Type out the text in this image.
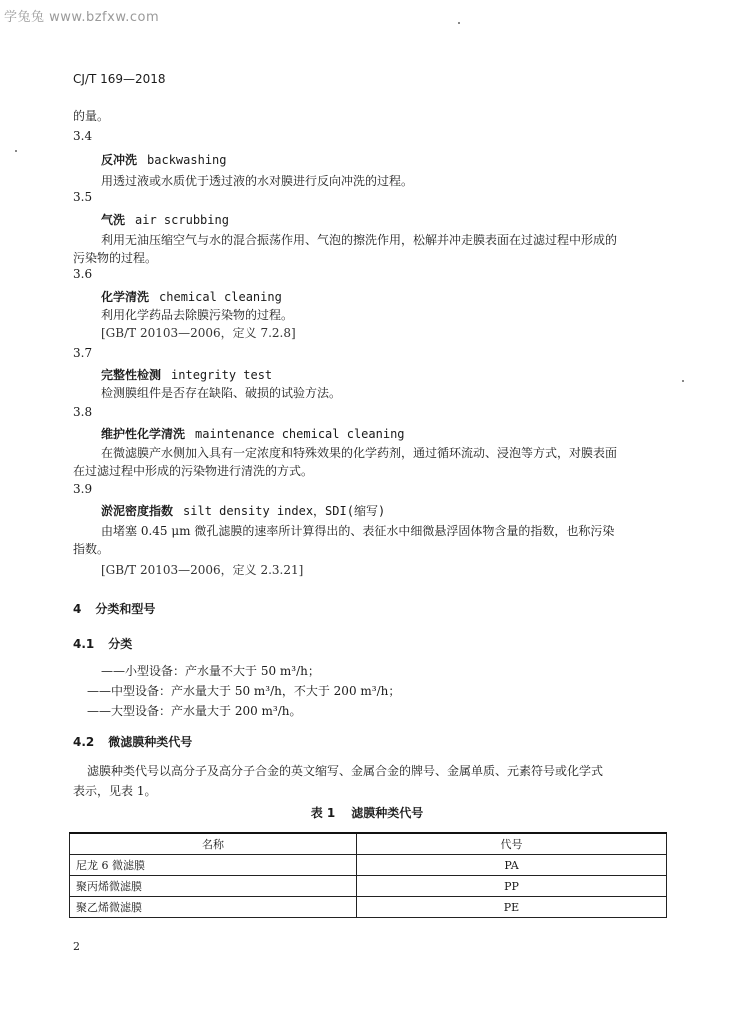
学兔兔 www.bzfxw.com
CJ/T 169—2018
的量。
3.4
反冲洗 backwashing
用透过液或水质优于透过液的水对膜进行反向冲洗的过程。
3.5
气洗 air scrubbing
利用无油压缩空气与水的混合振荡作用、气泡的擦洗作用，松解并冲走膜表面在过滤过程中形成的
污染物的过程。
3.6
化学清洗 chemical cleaning
利用化学药品去除膜污染物的过程。
[GB/T 20103—2006，定义 7.2.8]
3.7
完整性检测 integrity test
检测膜组件是否存在缺陷、破损的试验方法。
3.8
维护性化学清洗 maintenance chemical cleaning
在微滤膜产水侧加入具有一定浓度和特殊效果的化学药剂，通过循环流动、浸泡等方式，对膜表面
在过滤过程中形成的污染物进行清洗的方式。
3.9
淤泥密度指数 silt density index，SDI(缩写)
由堵塞 0.45 μm 微孔滤膜的速率所计算得出的、表征水中细微悬浮固体物含量的指数，也称污染
指数。
[GB/T 20103—2006，定义 2.3.21]
4 分类和型号
4.1 分类
——小型设备：产水量不大于 50 m³/h；
——中型设备：产水量大于 50 m³/h，不大于 200 m³/h；
——大型设备：产水量大于 200 m³/h。
4.2 微滤膜种类代号
滤膜种类代号以高分子及高分子合金的英文缩写、金属合金的牌号、金属单质、元素符号或化学式
表示，见表 1。
表 1 滤膜种类代号
名称	代号
尼龙 6 微滤膜	PA
聚丙烯微滤膜	PP
聚乙烯微滤膜	PE
2
